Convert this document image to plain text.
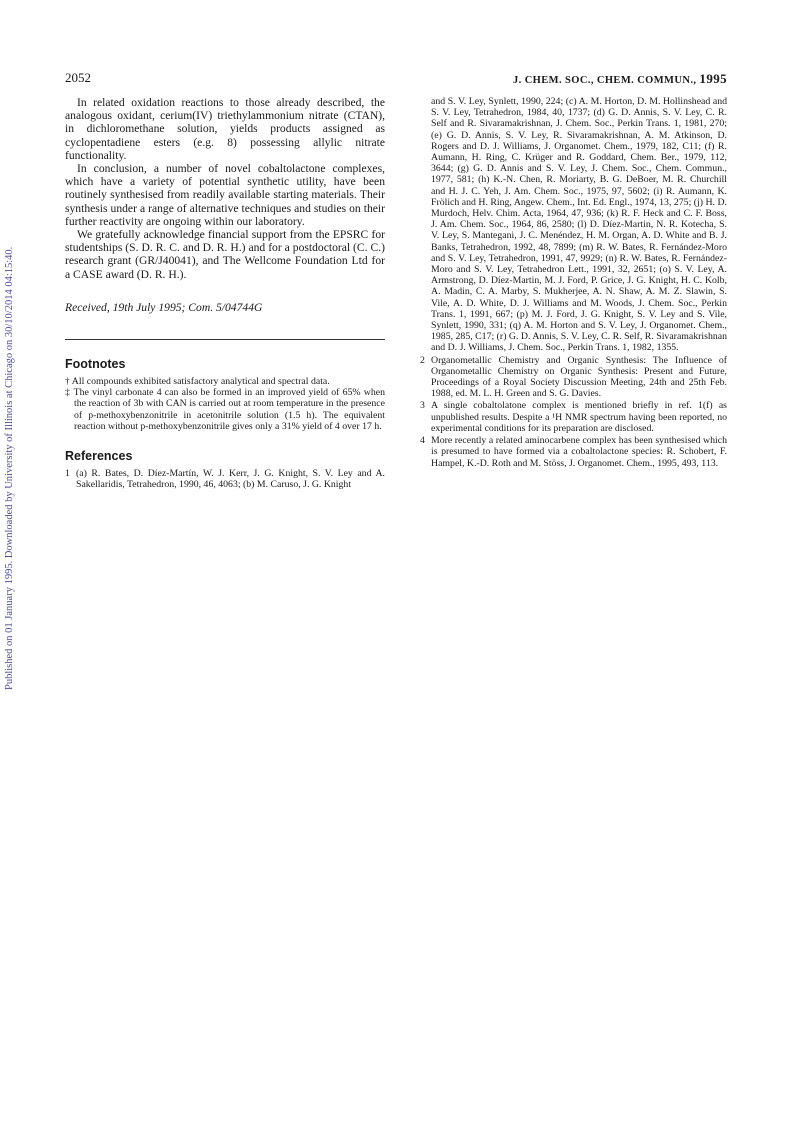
2052	J. CHEM. SOC., CHEM. COMMUN., 1995
Published on 01 January 1995. Downloaded by University of Illinois at Chicago on 30/10/2014 04:15:40.

In related oxidation reactions to those already described, the analogous oxidant, cerium(IV) triethylammonium nitrate (CTAN), in dichloromethane solution, yields products assigned as cyclopentadiene esters (e.g. 8) possessing allylic nitrate functionality.

In conclusion, a number of novel cobaltolactone complexes, which have a variety of potential synthetic utility, have been routinely synthesised from readily available starting materials. Their synthesis under a range of alternative techniques and studies on their further reactivity are ongoing within our laboratory.

We gratefully acknowledge financial support from the EPSRC for studentships (S. D. R. C. and D. R. H.) and for a postdoctoral (C. C.) research grant (GR/J40041), and The Wellcome Foundation Ltd for a CASE award (D. R. H.).

Received, 19th July 1995; Com. 5/04744G

Footnotes

† All compounds exhibited satisfactory analytical and spectral data.

‡ The vinyl carbonate 4 can also be formed in an improved yield of 65% when the reaction of 3b with CAN is carried out at room temperature in the presence of p-methoxybenzonitrile in acetonitrile solution (1.5 h). The equivalent reaction without p-methoxybenzonitrile gives only a 31% yield of 4 over 17 h.

References
1 (a) R. Bates, D. Díez-Martín, W. J. Kerr, J. G. Knight, S. V. Ley and A. Sakellaridis, Tetrahedron, 1990, 46, 4063; (b) M. Caruso, J. G. Knight
and S. V. Ley, Synlett, 1990, 224; (c) A. M. Horton, D. M. Hollinshead and S. V. Ley, Tetrahedron, 1984, 40, 1737; (d) G. D. Annis, S. V. Ley, C. R. Self and R. Sivaramakrishnan, J. Chem. Soc., Perkin Trans. 1, 1981, 270; (e) G. D. Annis, S. V. Ley, R. Sivaramakrishnan, A. M. Atkinson, D. Rogers and D. J. Williams, J. Organomet. Chem., 1979, 182, C11; (f) R. Aumann, H. Ring, C. Krüger and R. Goddard, Chem. Ber., 1979, 112, 3644; (g) G. D. Annis and S. V. Ley, J. Chem. Soc., Chem. Commun., 1977, 581; (h) K.-N. Chen, R. Moriarty, B. G. DeBoer, M. R. Churchill and H. J. C. Yeh, J. Am. Chem. Soc., 1975, 97, 5602; (i) R. Aumann, K. Frölich and H. Ring, Angew. Chem., Int. Ed. Engl., 1974, 13, 275; (j) H. D. Murdoch, Helv. Chim. Acta, 1964, 47, 936; (k) R. F. Heck and C. F. Boss, J. Am. Chem. Soc., 1964, 86, 2580; (l) D. Díez-Martin, N. R. Kotecha, S. V. Ley, S. Mantegani, J. C. Menéndez, H. M. Organ, A. D. White and B. J. Banks, Tetrahedron, 1992, 48, 7899; (m) R. W. Bates, R. Fernández-Moro and S. V. Ley, Tetrahedron, 1991, 47, 9929; (n) R. W. Bates, R. Fernández-Moro and S. V. Ley, Tetrahedron Lett., 1991, 32, 2651; (o) S. V. Ley, A. Armstrong, D. Díez-Martin, M. J. Ford, P. Grice, J. G. Knight, H. C. Kolb, A. Madin, C. A. Marby, S. Mukherjee, A. N. Shaw, A. M. Z. Slawin, S. Vile, A. D. White, D. J. Williams and M. Woods, J. Chem. Soc., Perkin Trans. 1, 1991, 667; (p) M. J. Ford, J. G. Knight, S. V. Ley and S. Vile, Synlett, 1990, 331; (q) A. M. Horton and S. V. Ley, J. Organomet. Chem., 1985, 285, C17; (r) G. D. Annis, S. V. Ley, C. R. Self, R. Sivaramakrishnan and D. J. Williams, J. Chem. Soc., Perkin Trans. 1, 1982, 1355.
2 Organometallic Chemistry and Organic Synthesis: The Influence of Organometallic Chemistry on Organic Synthesis: Present and Future, Proceedings of a Royal Society Discussion Meeting, 24th and 25th Feb. 1988, ed. M. L. H. Green and S. G. Davies.
3 A single cobaltolatone complex is mentioned briefly in ref. 1(f) as unpublished results. Despite a ¹H NMR spectrum having been reported, no experimental conditions for its preparation are disclosed.
4 More recently a related aminocarbene complex has been synthesised which is presumed to have formed via a cobaltolactone species: R. Schobert, F. Hampel, K.-D. Roth and M. Stöss, J. Organomet. Chem., 1995, 493, 113.
